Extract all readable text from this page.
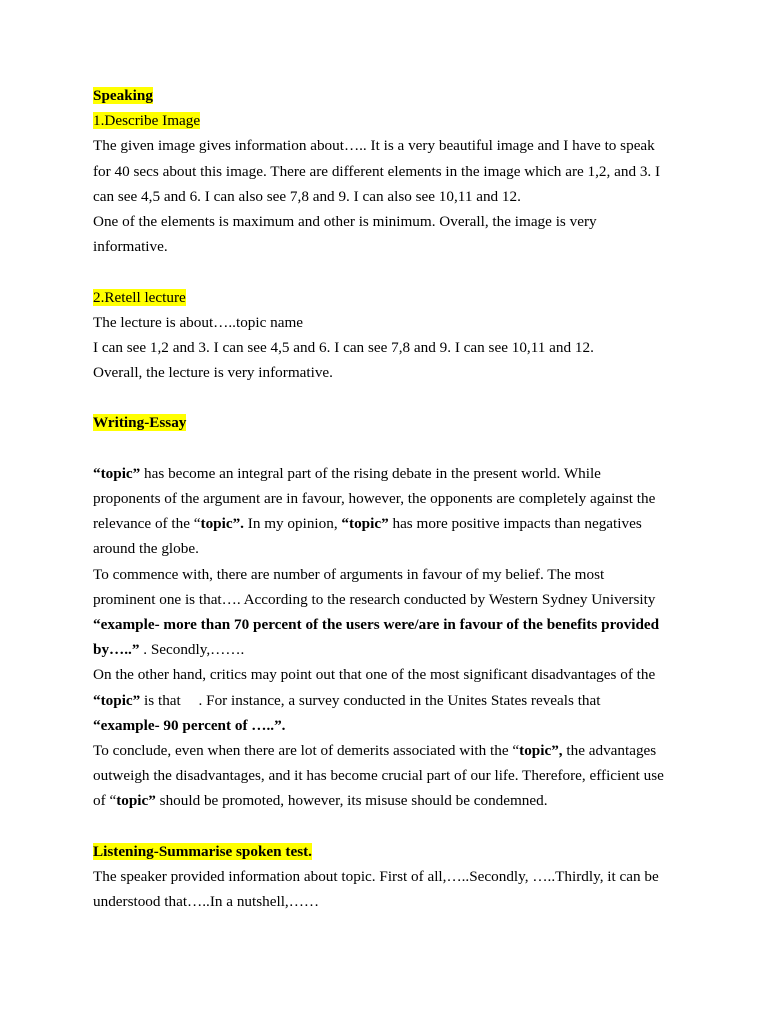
Speaking
1.Describe Image
The given image gives information about….. It is a very beautiful image and I have to speak
for 40 secs about this image. There are different elements in the image which are 1,2, and 3. I
can see 4,5 and 6. I can also see 7,8 and 9. I can also see 10,11 and 12.
One of the elements is maximum and other is minimum. Overall, the image is very
informative.
2.Retell lecture
The lecture is about…..topic name
I can see 1,2 and 3. I can see 4,5 and 6. I can see 7,8 and 9. I can see 10,11 and 12.
Overall, the lecture is very informative.
Writing-Essay
“topic” has become an integral part of the rising debate in the present world. While
proponents of the argument are in favour, however, the opponents are completely against the
relevance of the “topic”. In my opinion, “topic” has more positive impacts than negatives
around the globe.
To commence with, there are number of arguments in favour of my belief. The most
prominent one is that…. According to the research conducted by Western Sydney University
“example- more than 70 percent of the users were/are in favour of the benefits provided
by…..” . Secondly,…….
On the other hand, critics may point out that one of the most significant disadvantages of the
“topic” is that . For instance, a survey conducted in the Unites States reveals that
“example- 90 percent of …..”.
To conclude, even when there are lot of demerits associated with the “topic”, the advantages
outweigh the disadvantages, and it has become crucial part of our life. Therefore, efficient use
of “topic” should be promoted, however, its misuse should be condemned.
Listening-Summarise spoken test.
The speaker provided information about topic. First of all,…..Secondly, …..Thirdly, it can be
understood that…..In a nutshell,……
